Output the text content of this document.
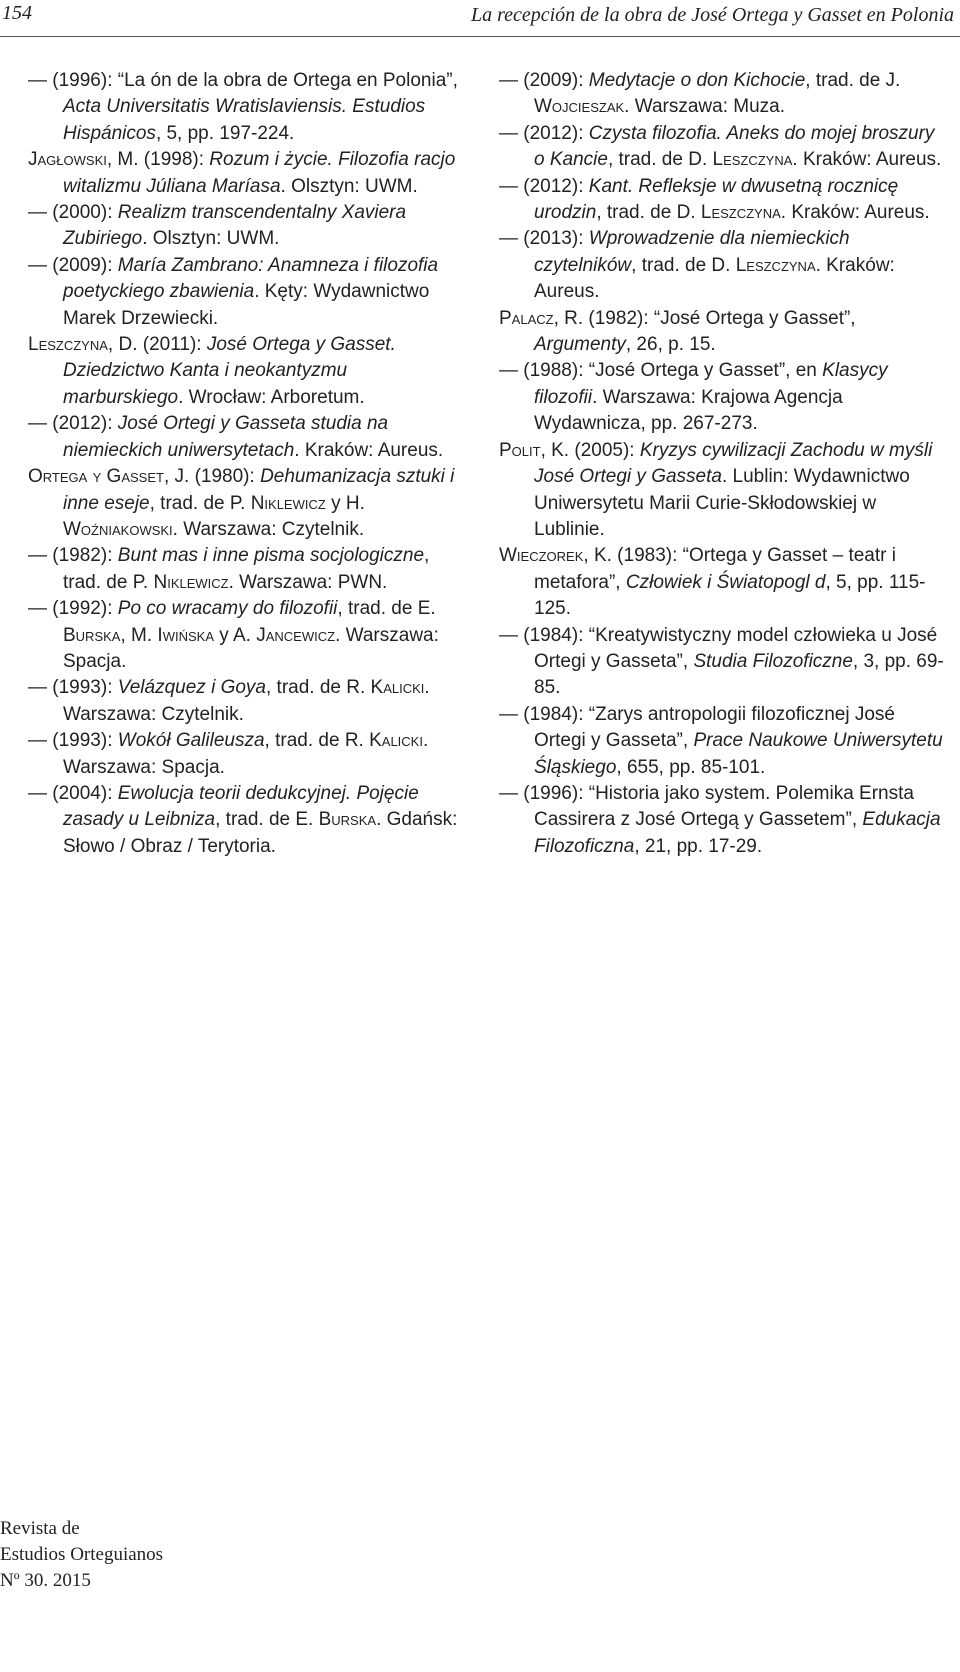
154	La recepción de la obra de José Ortega y Gasset en Polonia

— (1996): “La ón de la obra de Ortega en Polonia”, Acta Universitatis Wratislaviensis. Estudios Hispánicos, 5, pp. 197-224.

Jagłowski, M. (1998): Rozum i życie. Filozofia racjo witalizmu Júliana Maríasa. Olsztyn: UWM.

— (2000): Realizm transcendentalny Xaviera Zubiriego. Olsztyn: UWM.

— (2009): María Zambrano: Anamneza i filozofia poetyckiego zbawienia. Kęty: Wydawnictwo Marek Drzewiecki.

Leszczyna, D. (2011): José Ortega y Gasset. Dziedzictwo Kanta i neokantyzmu marburskiego. Wrocław: Arboretum.

— (2012): José Ortegi y Gasseta studia na niemieckich uniwersytetach. Kraków: Aureus.

Ortega y Gasset, J. (1980): Dehumanizacja sztuki i inne eseje, trad. de P. Niklewicz y H. Woźniakowski. Warszawa: Czytelnik.

— (1982): Bunt mas i inne pisma socjologiczne, trad. de P. Niklewicz. Warszawa: PWN.

— (1992): Po co wracamy do filozofii, trad. de E. Burska, M. Iwińska y A. Jancewicz. Warszawa: Spacja.

— (1993): Velázquez i Goya, trad. de R. Kalicki. Warszawa: Czytelnik.

— (1993): Wokół Galileusza, trad. de R. Kalicki. Warszawa: Spacja.

— (2004): Ewolucja teorii dedukcyjnej. Pojęcie zasady u Leibniza, trad. de E. Burska. Gdańsk: Słowo / Obraz / Terytoria.

— (2009): Medytacje o don Kichocie, trad. de J. Wojcieszak. Warszawa: Muza.

— (2012): Czysta filozofia. Aneks do mojej broszury o Kancie, trad. de D. Leszczyna. Kraków: Aureus.

— (2012): Kant. Refleksje w dwusetną rocznicę urodzin, trad. de D. Leszczyna. Kraków: Aureus.

— (2013): Wprowadzenie dla niemieckich czytelników, trad. de D. Leszczyna. Kraków: Aureus.

Palacz, R. (1982): “José Ortega y Gasset”, Argumenty, 26, p. 15.

— (1988): “José Ortega y Gasset”, en Klasycy filozofii. Warszawa: Krajowa Agencja Wydawnicza, pp. 267-273.

Polit, K. (2005): Kryzys cywilizacji Zachodu w myśli José Ortegi y Gasseta. Lublin: Wydawnictwo Uniwersytetu Marii Curie-Skłodowskiej w Lublinie.

Wieczorek, K. (1983): “Ortega y Gasset – teatr i metafora”, Człowiek i Światopogl d, 5, pp. 115-125.

— (1984): “Kreatywistyczny model człowieka u José Ortegi y Gasseta”, Studia Filozoficzne, 3, pp. 69-85.

— (1984): “Zarys antropologii filozoficznej José Ortegi y Gasseta”, Prace Naukowe Uniwersytetu Śląskiego, 655, pp. 85-101.

— (1996): “Historia jako system. Polemika Ernsta Cassirera z José Ortegą y Gassetem”, Edukacja Filozoficzna, 21, pp. 17-29.

Revista de
Estudios Orteguianos
Nº 30. 2015
